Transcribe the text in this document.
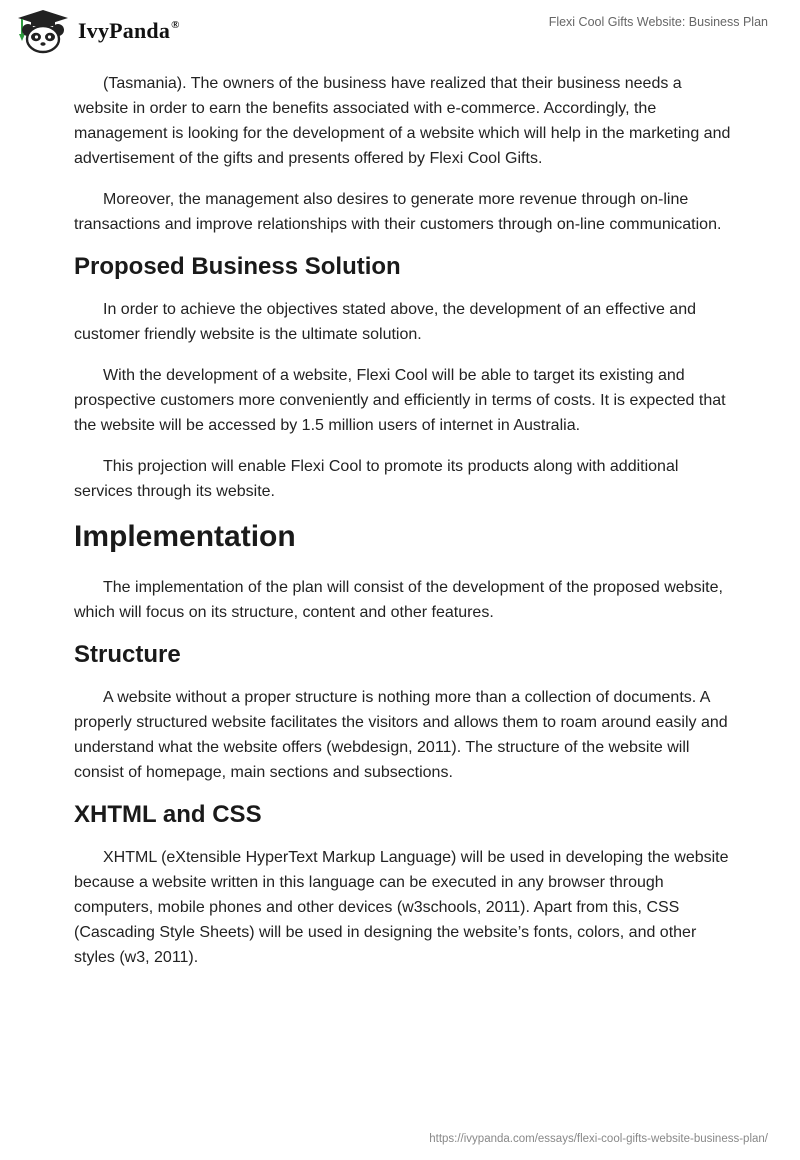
IvyPanda®	Flexi Cool Gifts Website: Business Plan

(Tasmania). The owners of the business have realized that their business needs a website in order to earn the benefits associated with e-commerce. Accordingly, the management is looking for the development of a website which will help in the marketing and advertisement of the gifts and presents offered by Flexi Cool Gifts.

Moreover, the management also desires to generate more revenue through on-line transactions and improve relationships with their customers through on-line communication.

Proposed Business Solution

In order to achieve the objectives stated above, the development of an effective and customer friendly website is the ultimate solution.

With the development of a website, Flexi Cool will be able to target its existing and prospective customers more conveniently and efficiently in terms of costs. It is expected that the website will be accessed by 1.5 million users of internet in Australia.

This projection will enable Flexi Cool to promote its products along with additional services through its website.

Implementation

The implementation of the plan will consist of the development of the proposed website, which will focus on its structure, content and other features.

Structure

A website without a proper structure is nothing more than a collection of documents. A properly structured website facilitates the visitors and allows them to roam around easily and understand what the website offers (webdesign, 2011). The structure of the website will consist of homepage, main sections and subsections.

XHTML and CSS

XHTML (eXtensible HyperText Markup Language) will be used in developing the website because a website written in this language can be executed in any browser through computers, mobile phones and other devices (w3schools, 2011). Apart from this, CSS (Cascading Style Sheets) will be used in designing the website’s fonts, colors, and other styles (w3, 2011).

https://ivypanda.com/essays/flexi-cool-gifts-website-business-plan/
